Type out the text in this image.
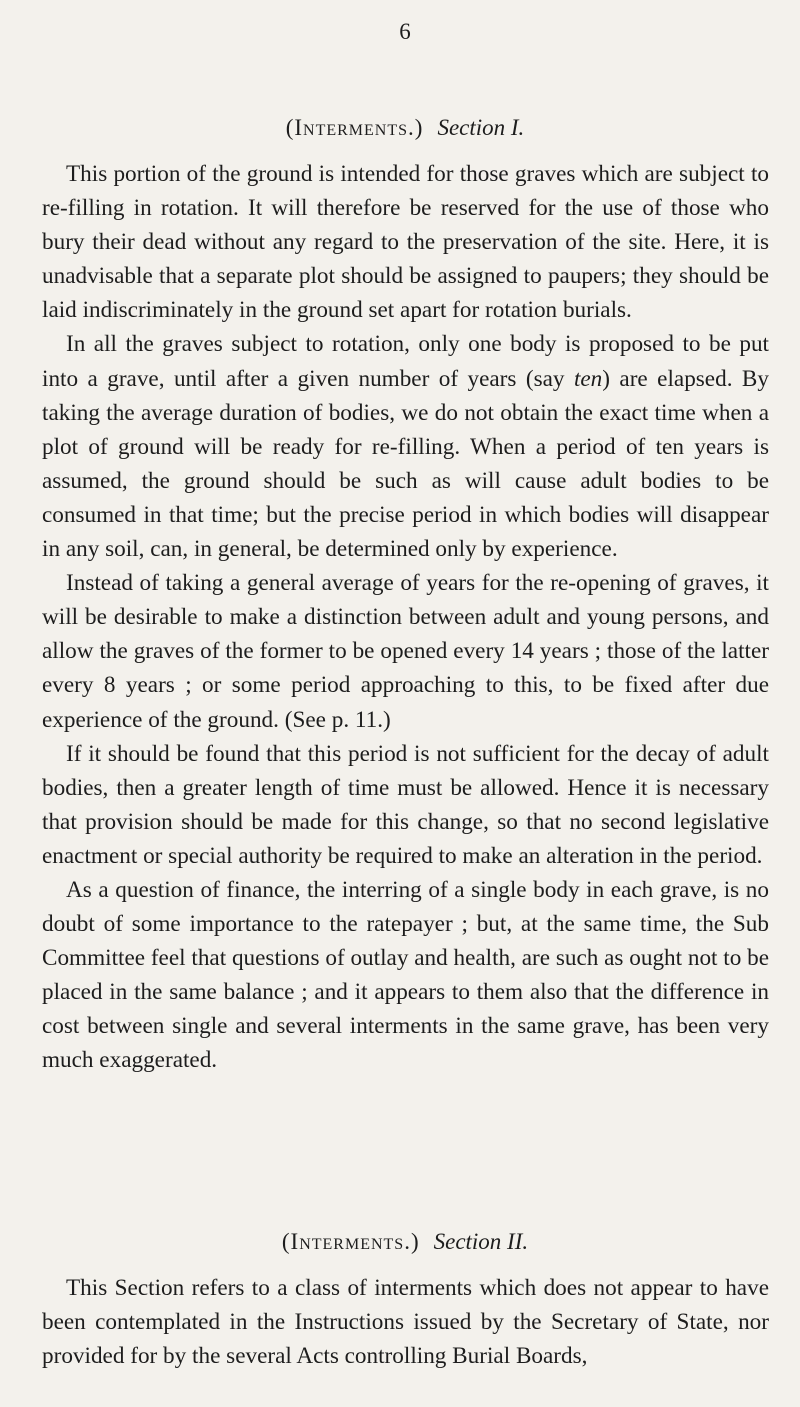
6
(Interments.) Section I.

This portion of the ground is intended for those graves which are subject to re-filling in rotation. It will therefore be reserved for the use of those who bury their dead without any regard to the preservation of the site. Here, it is unadvisable that a separate plot should be assigned to paupers; they should be laid indiscriminately in the ground set apart for rotation burials.

In all the graves subject to rotation, only one body is proposed to be put into a grave, until after a given number of years (say ten) are elapsed. By taking the average duration of bodies, we do not obtain the exact time when a plot of ground will be ready for re-filling. When a period of ten years is assumed, the ground should be such as will cause adult bodies to be consumed in that time; but the precise period in which bodies will disappear in any soil, can, in general, be determined only by experience.

Instead of taking a general average of years for the re-opening of graves, it will be desirable to make a distinction between adult and young persons, and allow the graves of the former to be opened every 14 years ; those of the latter every 8 years ; or some period approaching to this, to be fixed after due experience of the ground. (See p. 11.)

If it should be found that this period is not sufficient for the decay of adult bodies, then a greater length of time must be allowed. Hence it is necessary that provision should be made for this change, so that no second legislative enactment or special authority be required to make an alteration in the period.

As a question of finance, the interring of a single body in each grave, is no doubt of some importance to the ratepayer ; but, at the same time, the Sub Committee feel that questions of outlay and health, are such as ought not to be placed in the same balance ; and it appears to them also that the difference in cost between single and several interments in the same grave, has been very much exaggerated.

(Interments.) Section II.

This Section refers to a class of interments which does not appear to have been contemplated in the Instructions issued by the Secretary of State, nor provided for by the several Acts controlling Burial Boards,
